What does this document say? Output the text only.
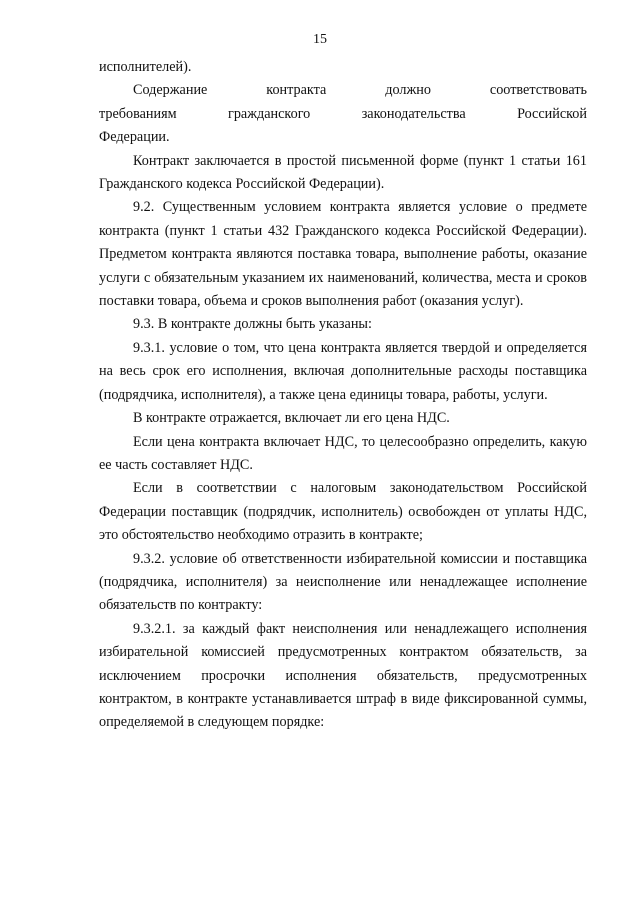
15

исполнителей).

Содержание контракта должно соответствовать требованиям гражданского законодательства Российской Федерации.

Контракт заключается в простой письменной форме (пункт 1 статьи 161 Гражданского кодекса Российской Федерации).

9.2. Существенным условием контракта является условие о предмете контракта (пункт 1 статьи 432 Гражданского кодекса Российской Федерации). Предметом контракта являются поставка товара, выполнение работы, оказание услуги с обязательным указанием их наименований, количества, места и сроков поставки товара, объема и сроков выполнения работ (оказания услуг).

9.3. В контракте должны быть указаны:

9.3.1. условие о том, что цена контракта является твердой и определяется на весь срок его исполнения, включая дополнительные расходы поставщика (подрядчика, исполнителя), а также цена единицы товара, работы, услуги.

В контракте отражается, включает ли его цена НДС.

Если цена контракта включает НДС, то целесообразно определить, какую ее часть составляет НДС.

Если в соответствии с налоговым законодательством Российской Федерации поставщик (подрядчик, исполнитель) освобожден от уплаты НДС, это обстоятельство необходимо отразить в контракте;

9.3.2. условие об ответственности избирательной комиссии и поставщика (подрядчика, исполнителя) за неисполнение или ненадлежащее исполнение обязательств по контракту:

9.3.2.1. за каждый факт неисполнения или ненадлежащего исполнения избирательной комиссией предусмотренных контрактом обязательств, за исключением просрочки исполнения обязательств, предусмотренных контрактом, в контракте устанавливается штраф в виде фиксированной суммы, определяемой в следующем порядке:
